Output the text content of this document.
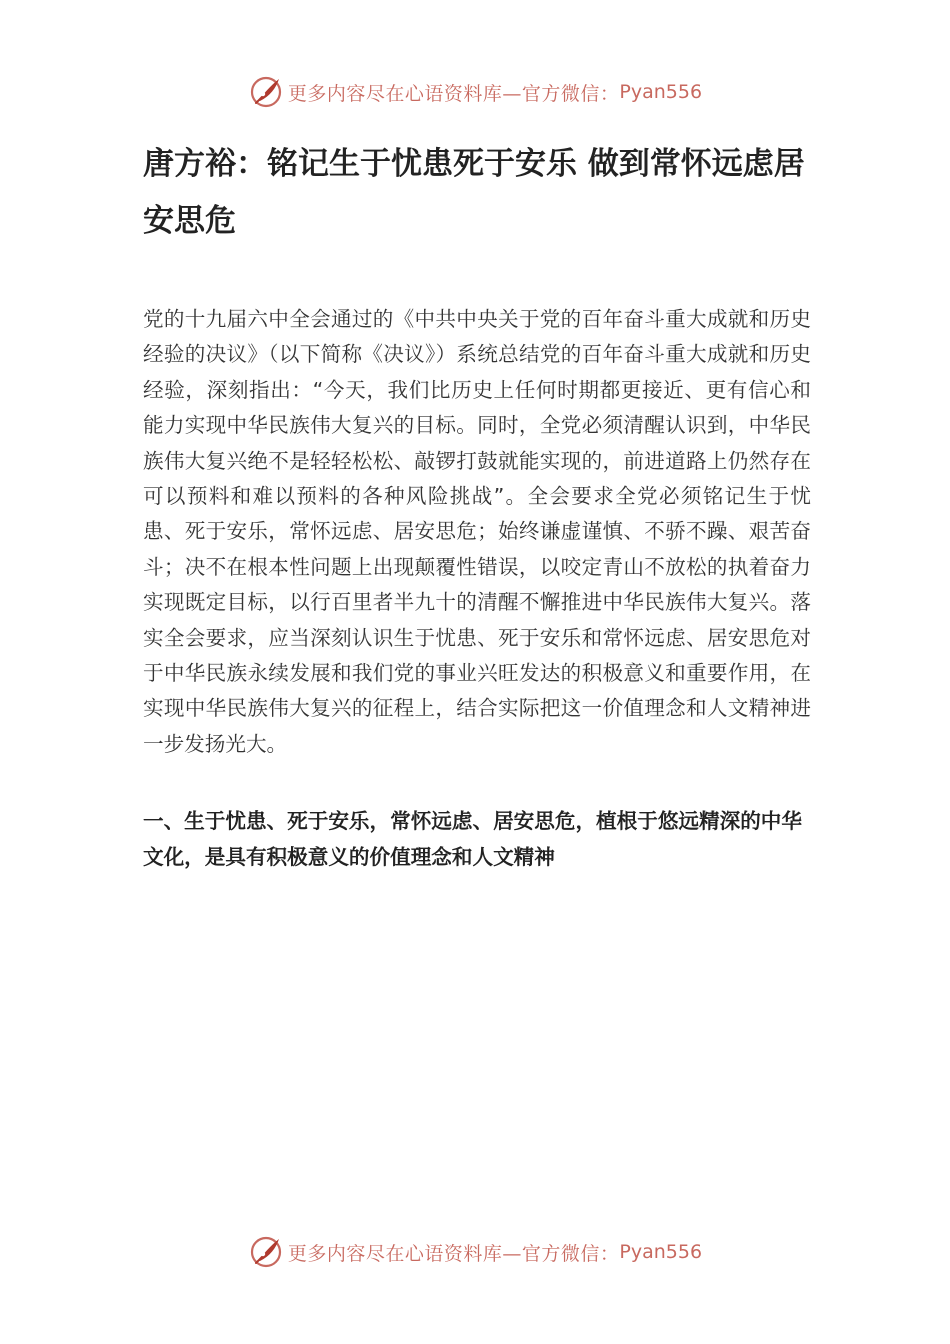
更多内容尽在心语资料库—官方微信： Pyan556
唐方裕：铭记生于忧患死于安乐 做到常怀远虑居安思危

党的十九届六中全会通过的《中共中央关于党的百年奋斗重大成就和历史经验的决议》（以下简称《决议》）系统总结党的百年奋斗重大成就和历史经验，深刻指出：“今天，我们比历史上任何时期都更接近、更有信心和能力实现中华民族伟大复兴的目标。同时，全党必须清醒认识到，中华民族伟大复兴绝不是轻轻松松、敲锣打鼓就能实现的，前进道路上仍然存在可以预料和难以预料的各种风险挑战”。全会要求全党必须铭记生于忧患、死于安乐，常怀远虑、居安思危；始终谦虚谨慎、不骄不躁、艰苦奋斗；决不在根本性问题上出现颠覆性错误，以咬定青山不放松的执着奋力实现既定目标，以行百里者半九十的清醒不懈推进中华民族伟大复兴。落实全会要求，应当深刻认识生于忧患、死于安乐和常怀远虑、居安思危对于中华民族永续发展和我们党的事业兴旺发达的积极意义和重要作用，在实现中华民族伟大复兴的征程上，结合实际把这一价值理念和人文精神进一步发扬光大。

一、生于忧患、死于安乐，常怀远虑、居安思危，植根于悠远精深的中华文化，是具有积极意义的价值理念和人文精神
更多内容尽在心语资料库—官方微信： Pyan556
